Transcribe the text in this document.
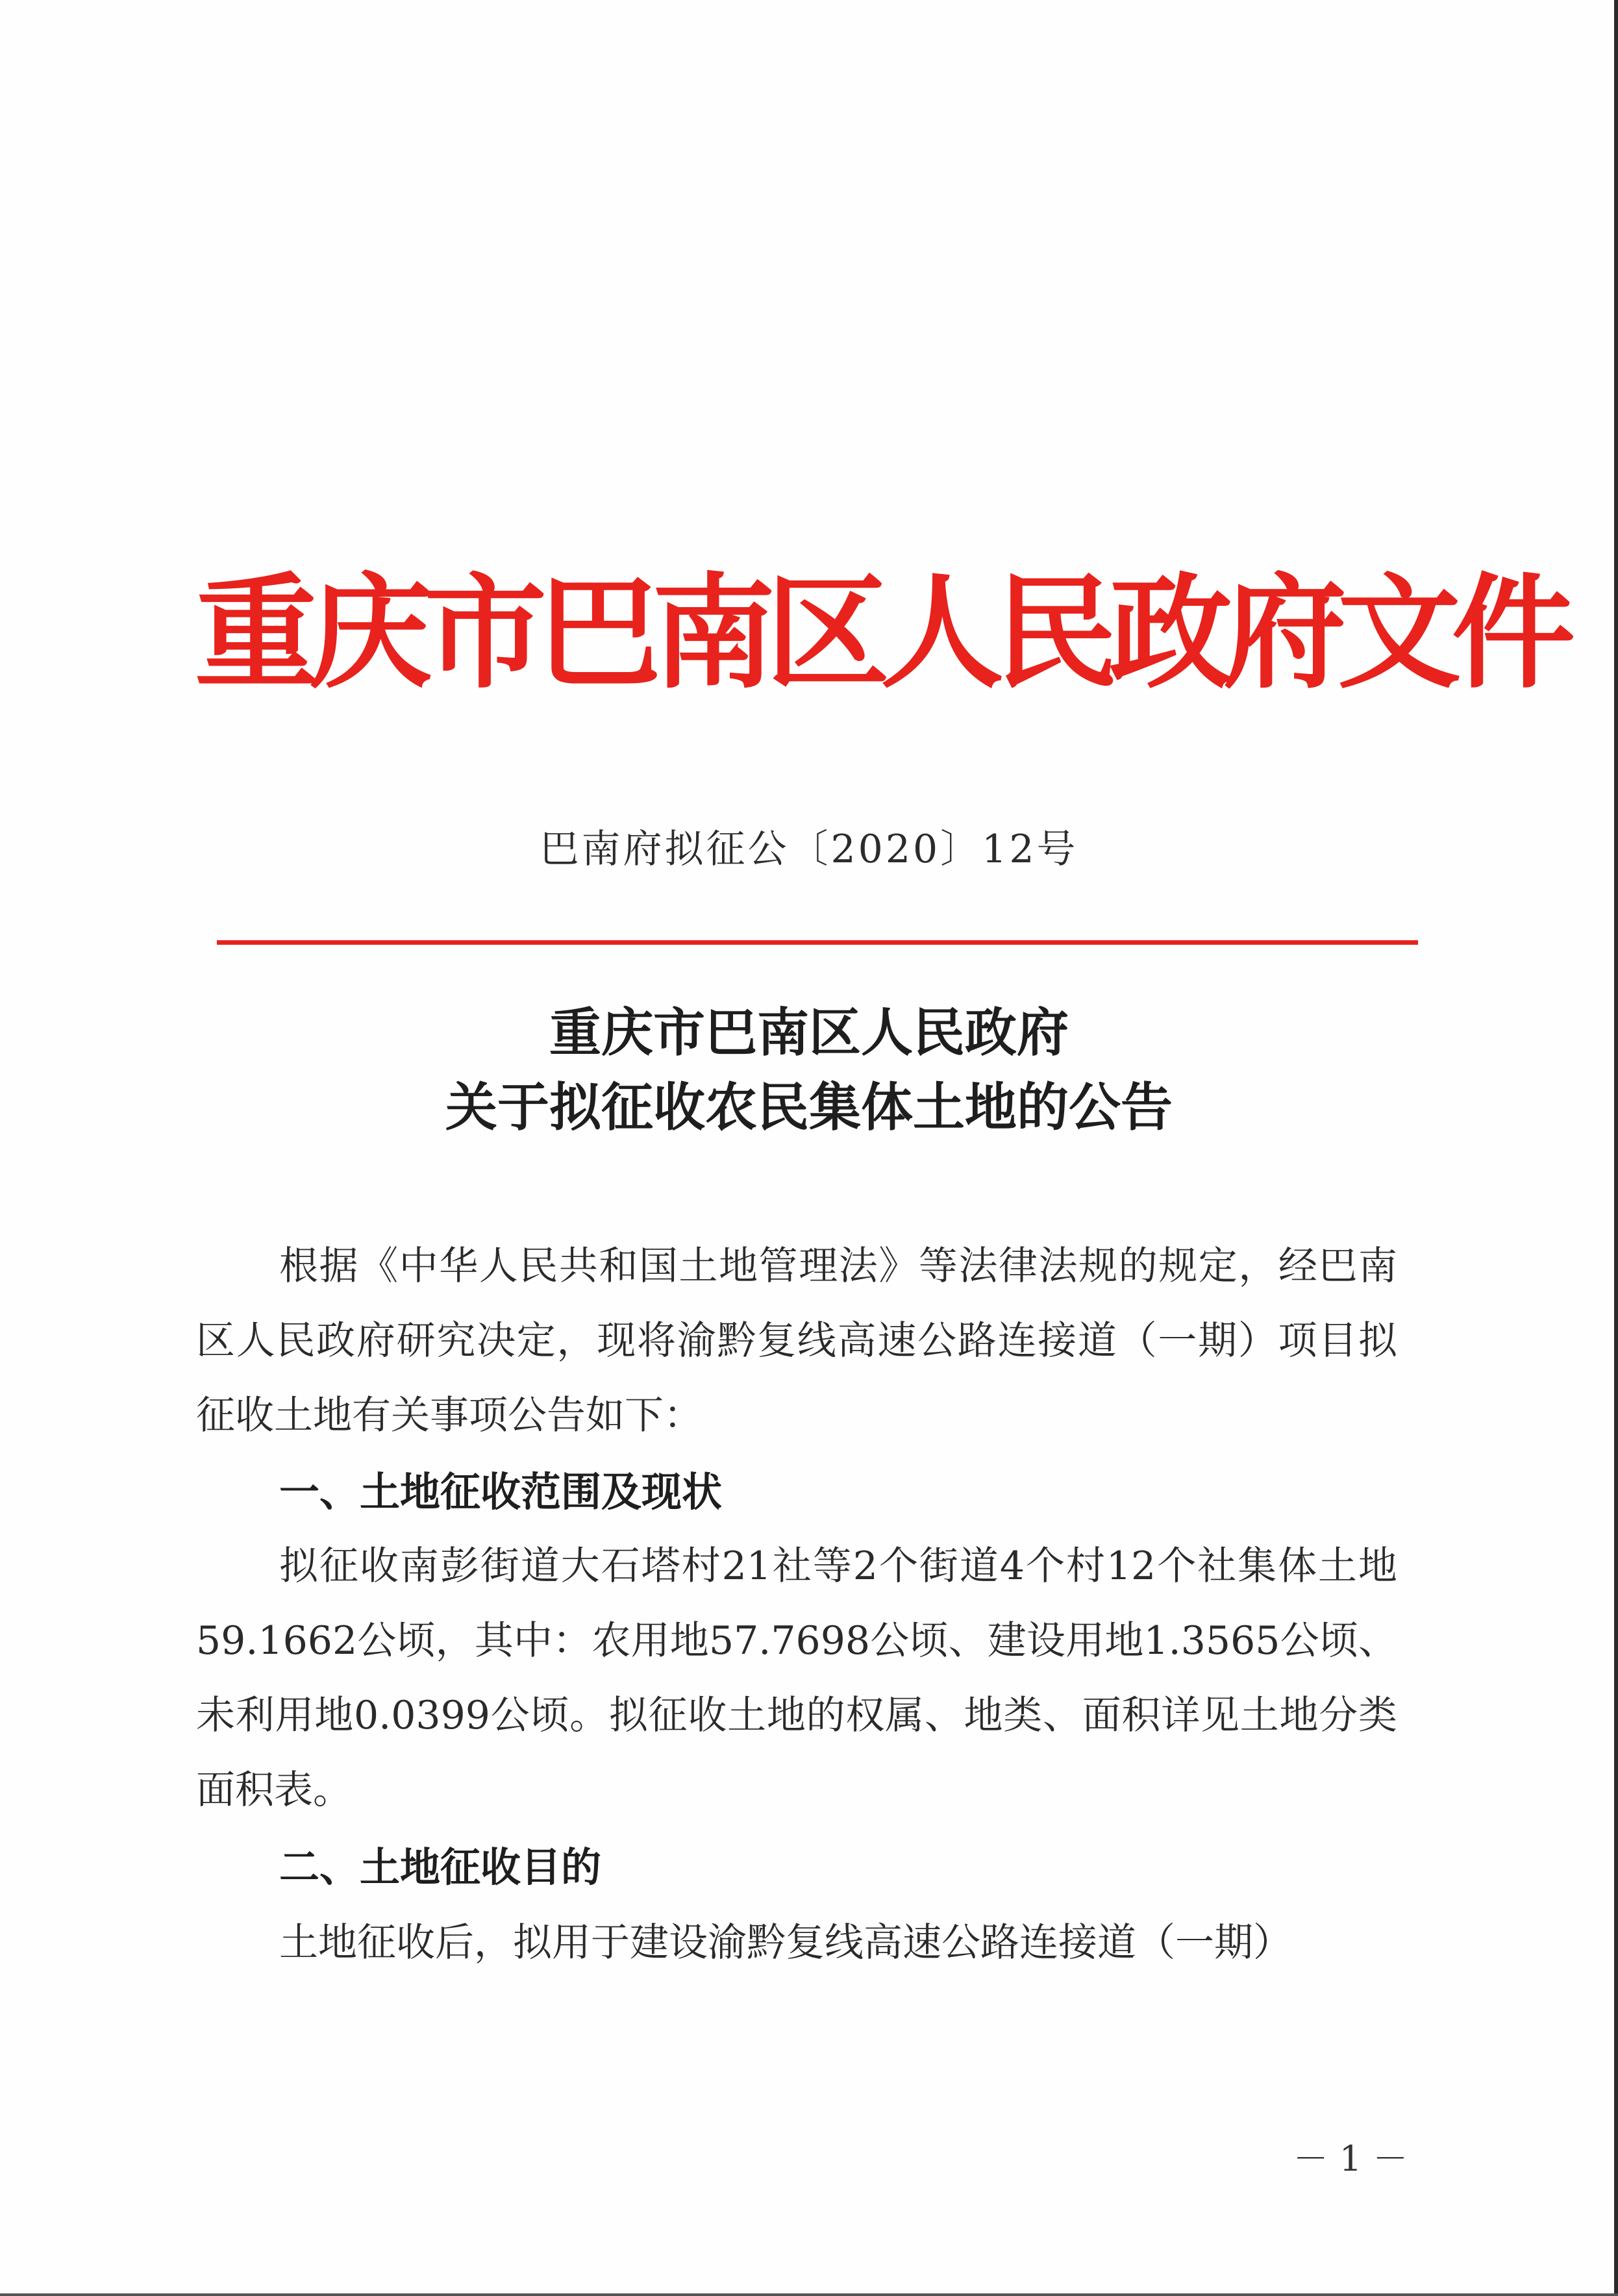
重庆市巴南区人民政府文件
巴南府拟征公〔2020〕12号
重庆市巴南区人民政府
关于拟征收农民集体土地的公告
根据《中华人民共和国土地管理法》等法律法规的规定，经巴南区人民政府研究决定，现将渝黔复线高速公路连接道（一期）项目拟征收土地有关事项公告如下：
一、土地征收范围及现状
拟征收南彭街道大石塔村21社等2个街道4个村12个社集体土地59.1662公顷，其中：农用地57.7698公顷、建设用地1.3565公顷、未利用地0.0399公顷。拟征收土地的权属、地类、面积详见土地分类面积表。
二、土地征收目的
土地征收后，拟用于建设渝黔复线高速公路连接道（一期）
－ 1 －
